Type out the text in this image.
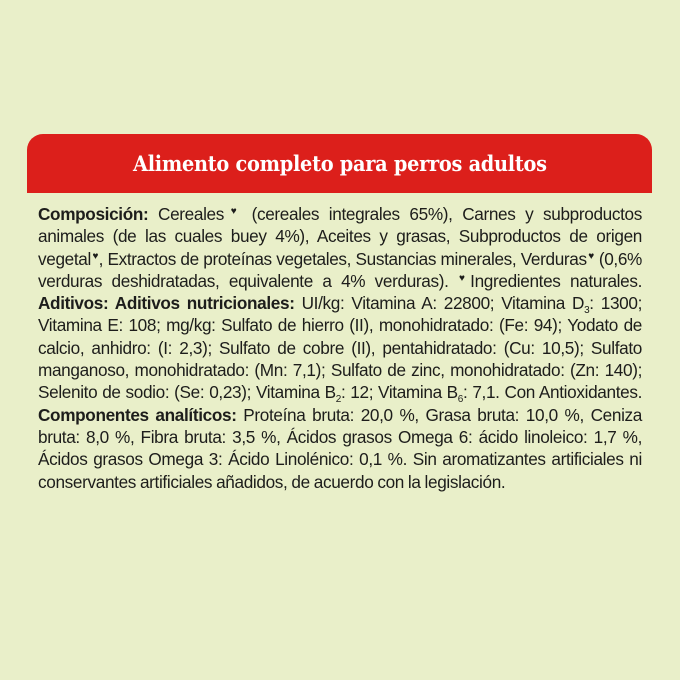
Alimento completo para perros adultos

Composición: Cereales♥ (cereales integrales 65%), Carnes y subproductos animales (de las cuales buey 4%), Aceites y grasas, Subproductos de origen vegetal♥, Extractos de proteínas vegetales, Sustancias minerales, Verduras♥ (0,6% verduras deshidratadas, equivalente a 4% verduras). ♥Ingredientes naturales. Aditivos: Aditivos nutricionales: UI/kg: Vitamina A: 22800; Vitamina $D_3$: 1300; Vitamina E: 108; mg/kg: Sulfato de hierro (II), monohidratado: (Fe: 94); Yodato de calcio, anhidro: (I: 2,3); Sulfato de cobre (II), pentahidratado: (Cu: 10,5); Sulfato manganoso, monohidratado: (Mn: 7,1); Sulfato de zinc, monohidratado: (Zn: 140); Selenito de sodio: (Se: 0,23); Vitamina $B_2$: 12; Vitamina $B_6$: 7,1. Con Antioxidantes. Componentes analíticos: Proteína bruta: 20,0 %, Grasa bruta: 10,0 %, Ceniza bruta: 8,0 %, Fibra bruta: 3,5 %, Ácidos grasos Omega 6: ácido linoleico: 1,7 %, Ácidos grasos Omega 3: Ácido Linolénico: 0,1 %. Sin aromatizantes artificiales ni conservantes artificiales añadidos, de acuerdo con la legislación.
